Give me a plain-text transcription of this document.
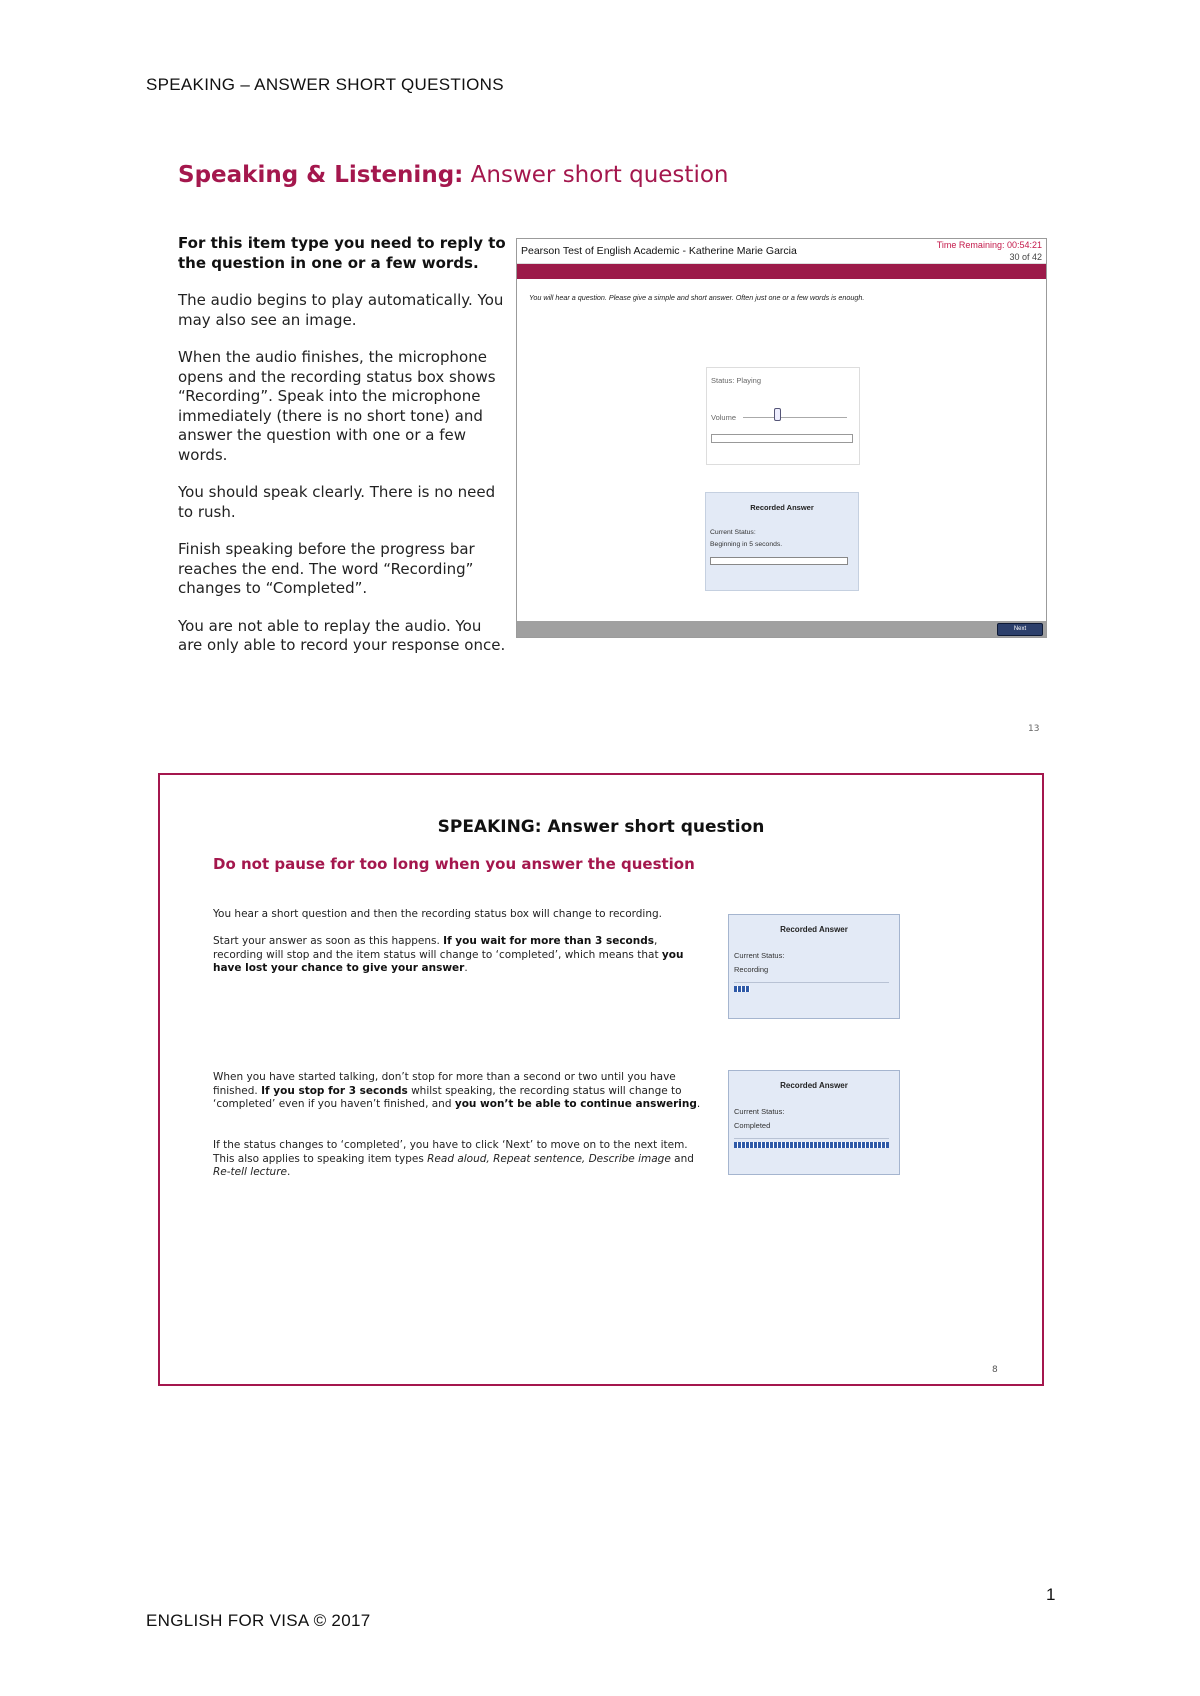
SPEAKING – ANSWER SHORT QUESTIONS
Speaking & Listening: Answer short question

For this item type you need to reply to the question in one or a few words.

The audio begins to play automatically. You may also see an image.

When the audio finishes, the microphone opens and the recording status box shows “Recording”. Speak into the microphone immediately (there is no short tone) and answer the question with one or a few words.

You should speak clearly. There is no need to rush.

Finish speaking before the progress bar reaches the end. The word “Recording” changes to “Completed”.

You are not able to replay the audio. You are only able to record your response once.

Pearson Test of English Academic - Katherine Marie Garcia	Time Remaining: 00:54:21
30 of 42
You will hear a question. Please give a simple and short answer. Often just one or a few words is enough.
Status: Playing
Volume
Recorded Answer
Current Status:
Beginning in 5 seconds.
Next
13
SPEAKING: Answer short question
Do not pause for too long when you answer the question
You hear a short question and then the recording status box will change to recording.
Start your answer as soon as this happens. If you wait for more than 3 seconds, recording will stop and the item status will change to ‘completed’, which means that you have lost your chance to give your answer.
When you have started talking, don’t stop for more than a second or two until you have finished. If you stop for 3 seconds whilst speaking, the recording status will change to ‘completed’ even if you haven’t finished, and you won’t be able to continue answering.
If the status changes to ‘completed’, you have to click ‘Next’ to move on to the next item. This also applies to speaking item types Read aloud, Repeat sentence, Describe image and Re-tell lecture.
Recorded Answer
Current Status:
Recording
Recorded Answer
Current Status:
Completed
8
1
ENGLISH FOR VISA © 2017
